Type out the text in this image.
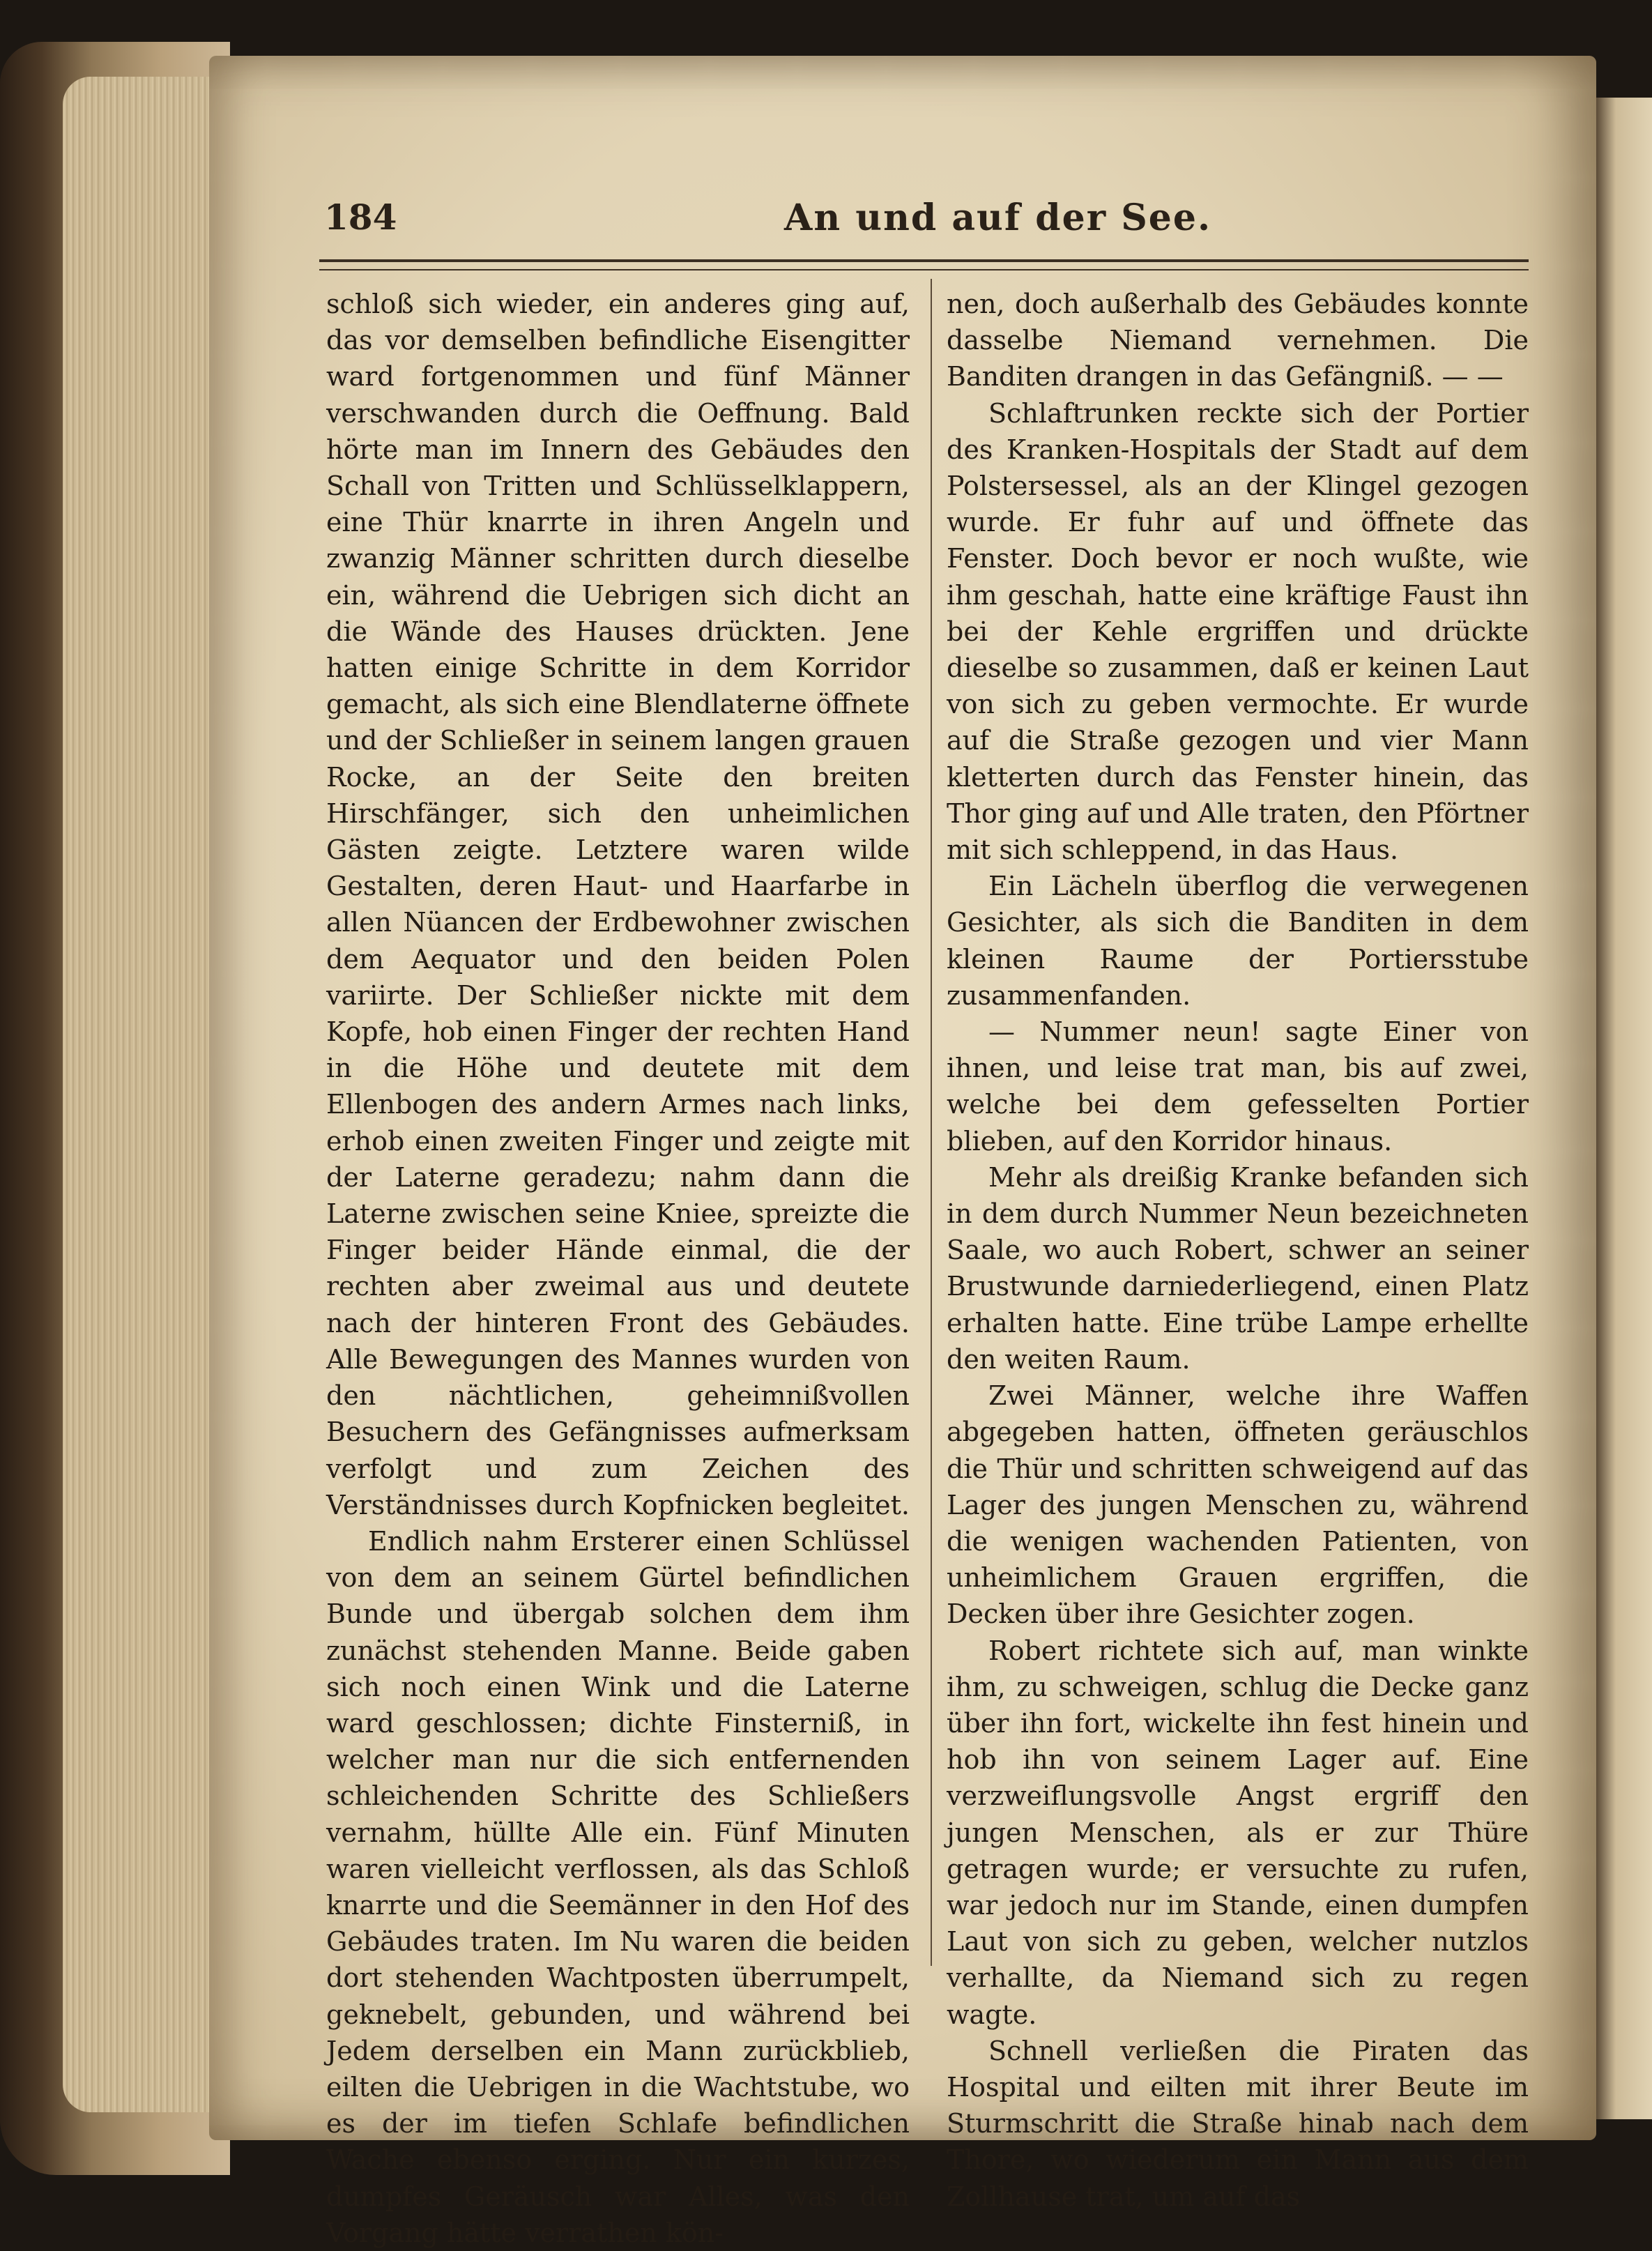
184	An und auf der See.

schloß sich wieder, ein anderes ging auf, das vor demselben befindliche Eisengitter ward fortgenommen und fünf Männer verschwanden durch die Oeffnung. Bald hörte man im Innern des Gebäudes den Schall von Tritten und Schlüsselklappern, eine Thür knarrte in ihren Angeln und zwanzig Männer schritten durch dieselbe ein, während die Uebrigen sich dicht an die Wände des Hauses drückten. Jene hatten einige Schritte in dem Korridor gemacht, als sich eine Blendlaterne öffnete und der Schließer in seinem langen grauen Rocke, an der Seite den breiten Hirschfänger, sich den unheimlichen Gästen zeigte. Letztere waren wilde Gestalten, deren Haut- und Haarfarbe in allen Nüancen der Erdbewohner zwischen dem Aequator und den beiden Polen variirte. Der Schließer nickte mit dem Kopfe, hob einen Finger der rechten Hand in die Höhe und deutete mit dem Ellenbogen des andern Armes nach links, erhob einen zweiten Finger und zeigte mit der Laterne geradezu; nahm dann die Laterne zwischen seine Kniee, spreizte die Finger beider Hände einmal, die der rechten aber zweimal aus und deutete nach der hinteren Front des Gebäudes. Alle Bewegungen des Mannes wurden von den nächtlichen, geheimnißvollen Besuchern des Gefängnisses aufmerksam verfolgt und zum Zeichen des Verständnisses durch Kopfnicken begleitet.

Endlich nahm Ersterer einen Schlüssel von dem an seinem Gürtel befindlichen Bunde und übergab solchen dem ihm zunächst stehenden Manne. Beide gaben sich noch einen Wink und die Laterne ward geschlossen; dichte Finsterniß, in welcher man nur die sich entfernenden schleichenden Schritte des Schließers vernahm, hüllte Alle ein. Fünf Minuten waren vielleicht verflossen, als das Schloß knarrte und die Seemänner in den Hof des Gebäudes traten. Im Nu waren die beiden dort stehenden Wachtposten überrumpelt, geknebelt, gebunden, und während bei Jedem derselben ein Mann zurückblieb, eilten die Uebrigen in die Wachtstube, wo es der im tiefen Schlafe befindlichen Wache ebenso erging. Nur ein kurzes, dumpfes Geräusch war Alles, was den Vorgang hätte verrathen kön-

nen, doch außerhalb des Gebäudes konnte dasselbe Niemand vernehmen. Die Banditen drangen in das Gefängniß. — —

Schlaftrunken reckte sich der Portier des Kranken-Hospitals der Stadt auf dem Polstersessel, als an der Klingel gezogen wurde. Er fuhr auf und öffnete das Fenster. Doch bevor er noch wußte, wie ihm geschah, hatte eine kräftige Faust ihn bei der Kehle ergriffen und drückte dieselbe so zusammen, daß er keinen Laut von sich zu geben vermochte. Er wurde auf die Straße gezogen und vier Mann kletterten durch das Fenster hinein, das Thor ging auf und Alle traten, den Pförtner mit sich schleppend, in das Haus.

Ein Lächeln überflog die verwegenen Gesichter, als sich die Banditen in dem kleinen Raume der Portiersstube zusammenfanden.

— Nummer neun! sagte Einer von ihnen, und leise trat man, bis auf zwei, welche bei dem gefesselten Portier blieben, auf den Korridor hinaus.

Mehr als dreißig Kranke befanden sich in dem durch Nummer Neun bezeichneten Saale, wo auch Robert, schwer an seiner Brustwunde darniederliegend, einen Platz erhalten hatte. Eine trübe Lampe erhellte den weiten Raum.

Zwei Männer, welche ihre Waffen abgegeben hatten, öffneten geräuschlos die Thür und schritten schweigend auf das Lager des jungen Menschen zu, während die wenigen wachenden Patienten, von unheimlichem Grauen ergriffen, die Decken über ihre Gesichter zogen.

Robert richtete sich auf, man winkte ihm, zu schweigen, schlug die Decke ganz über ihn fort, wickelte ihn fest hinein und hob ihn von seinem Lager auf. Eine verzweiflungsvolle Angst ergriff den jungen Menschen, als er zur Thüre getragen wurde; er versuchte zu rufen, war jedoch nur im Stande, einen dumpfen Laut von sich zu geben, welcher nutzlos verhallte, da Niemand sich zu regen wagte.

Schnell verließen die Piraten das Hospital und eilten mit ihrer Beute im Sturmschritt die Straße hinab nach dem Thore, wo wiederum ein Mann aus dem Zollhause trat, um auf das
